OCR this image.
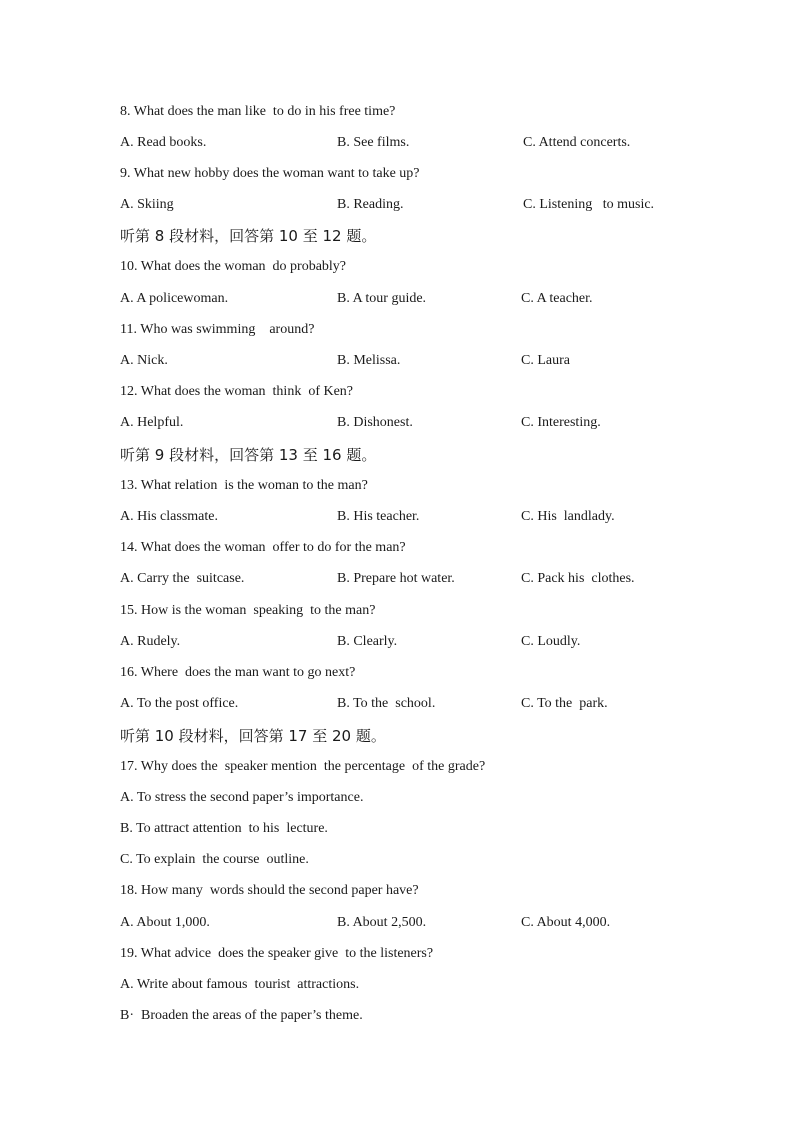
8. What does the man like  to do in his free time?
A. Read books.	B. See films.	C. Attend concerts.
9. What new hobby does the woman want to take up?
A. Skiing	B. Reading.	C. Listening   to music.
听第 8 段材料，回答第 10 至 12 题。
10. What does the woman  do probably?
A. A policewoman.	B. A tour guide.	C. A teacher.
11. Who was swimming    around?
A. Nick.	B. Melissa.	C. Laura
12. What does the woman  think  of Ken?
A. Helpful.	B. Dishonest.	C. Interesting.
听第 9 段材料，回答第 13 至 16 题。
13. What relation  is the woman to the man?
A. His classmate.	B. His teacher.	C. His  landlady.
14. What does the woman  offer to do for the man?
A. Carry the  suitcase.	B. Prepare hot water.	C. Pack his  clothes.
15. How is the woman  speaking  to the man?
A. Rudely.	B. Clearly.	C. Loudly.
16. Where  does the man want to go next?
A. To the post office.	B. To the  school.	C. To the  park.
听第 10 段材料，回答第 17 至 20 题。
17. Why does the  speaker mention  the percentage  of the grade?
A. To stress the second paper’s importance.
B. To attract attention  to his  lecture.
C. To explain  the course  outline.
18. How many  words should the second paper have?
A. About 1,000.	B. About 2,500.	C. About 4,000.
19. What advice  does the speaker give  to the listeners?
A. Write about famous  tourist  attractions.
B·  Broaden the areas of the paper’s theme.
